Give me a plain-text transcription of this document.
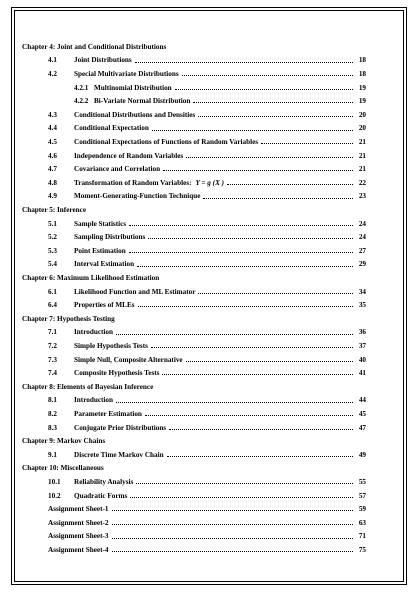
Chapter 4: Joint and Conditional Distributions
4.1	Joint Distributions	18
4.2	Special Multivariate Distributions	18
4.2.1 Multinomial Distribution	19
4.2.2 Bi-Variate Normal Distribution	19
4.3	Conditional Distributions and Densities	20
4.4	Conditional Expectation	20
4.5	Conditional Expectations of Functions of Random Variables	21
4.6	Independence of Random Variables	21
4.7	Covariance and Correlation	21
4.8	Transformation of Random Variables: Y = g (X )	22
4.9	Moment-Generating-Function Technique	23
Chapter 5: Inference
5.1	Sample Statistics	24
5.2	Sampling Distributions	24
5.3	Point Estimation	27
5.4	Interval Estimation	29
Chapter 6: Maximum Likelihood Estimation
6.1	Likelihood Function and ML Estimator	34
6.4	Properties of MLEs	35
Chapter 7: Hypothesis Testing
7.1	Introduction	36
7.2	Simple Hypothesis Tests	37
7.3	Simple Null, Composite Alternative	40
7.4	Composite Hypothesis Tests	41
Chapter 8: Elements of Bayesian Inference
8.1	Introduction	44
8.2	Parameter Estimation	45
8.3	Conjugate Prior Distributions	47
Chapter 9: Markov Chains
9.1	Discrete Time Markov Chain	49
Chapter 10: Miscellaneous
10.1	Reliability Analysis	55
10.2	Quadratic Forms	57
Assignment Sheet-1	59
Assignment Sheet-2	63
Assignment Sheet-3	71
Assignment Sheet-4	75
